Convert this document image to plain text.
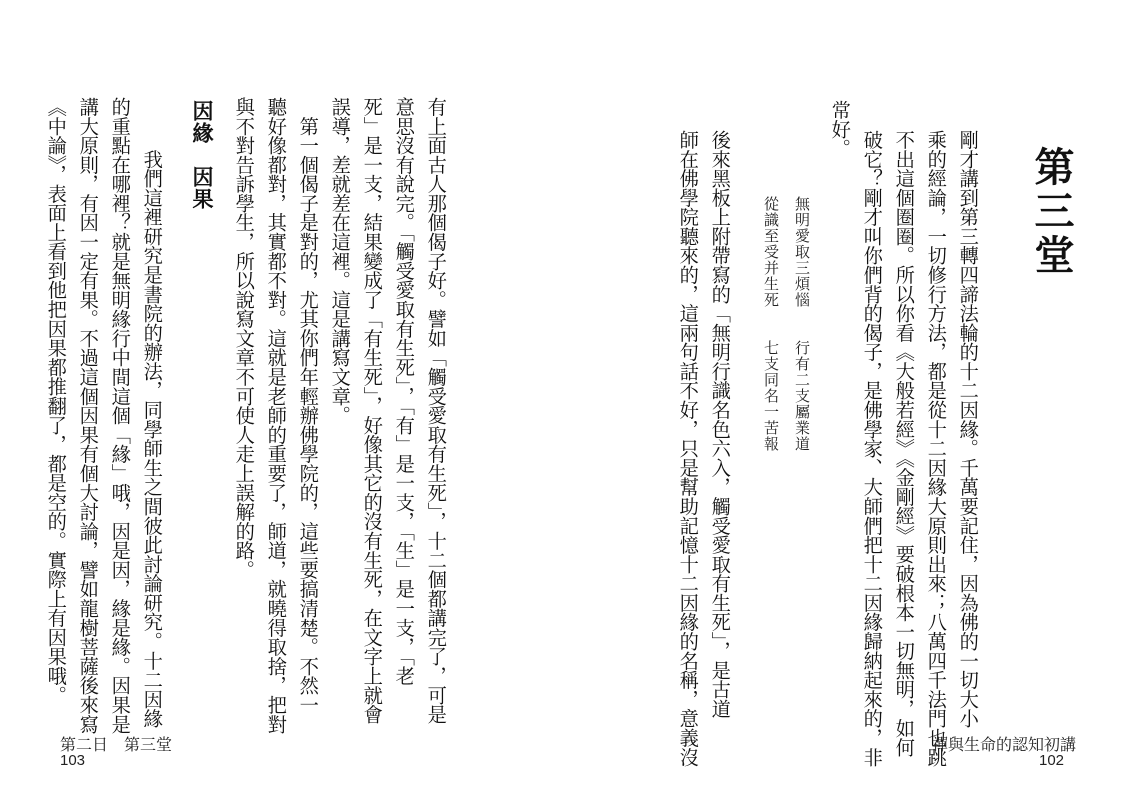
第三堂
剛才講到第三轉四諦法輪的十二因緣。千萬要記住，因為佛的一切大小
乘的經論，一切修行方法，都是從十二因緣大原則出來；八萬四千法門也跳
不出這個圈圈。所以你看《大般若經》《金剛經》要破根本一切無明，如何
破它？剛才叫你們背的偈子，是佛學家、大師們把十二因緣歸納起來的，非
常好。
無明愛取三煩惱　　行有二支屬業道
從識至受并生死　　七支同名一苦報
後來黑板上附帶寫的「無明行識名色六入，觸受愛取有生死」，是古道
師在佛學院聽來的，這兩句話不好，只是幫助記憶十二因緣的名稱，意義沒	禪與生命的認知初講
102
有上面古人那個偈子好。譬如「觸受愛取有生死」，十二個都講完了，可是
意思沒有說完。「觸受愛取有生死」，「有」是一支，「生」是一支，「老
死」是一支，結果變成了「有生死」，好像其它的沒有生死，在文字上就會
誤導，差就差在這裡。這是講寫文章。
　第一個偈子是對的，尤其你們年輕辦佛學院的，這些要搞清楚。不然一
聽好像都對，其實都不對。這就是老師的重要了，師道，就曉得取捨，把對
與不對告訴學生，所以說寫文章不可使人走上誤解的路。
因緣　因果
　我們這裡研究是書院的辦法，同學師生之間彼此討論研究。十二因緣
的重點在哪裡？就是無明緣行中間這個「緣」哦，因是因，緣是緣。因果是
講大原則，有因一定有果。不過這個因果有個大討論，譬如龍樹菩薩後來寫
《中論》，表面上看到他把因果都推翻了，都是空的。實際上有因果哦。
第二日　第三堂
103
